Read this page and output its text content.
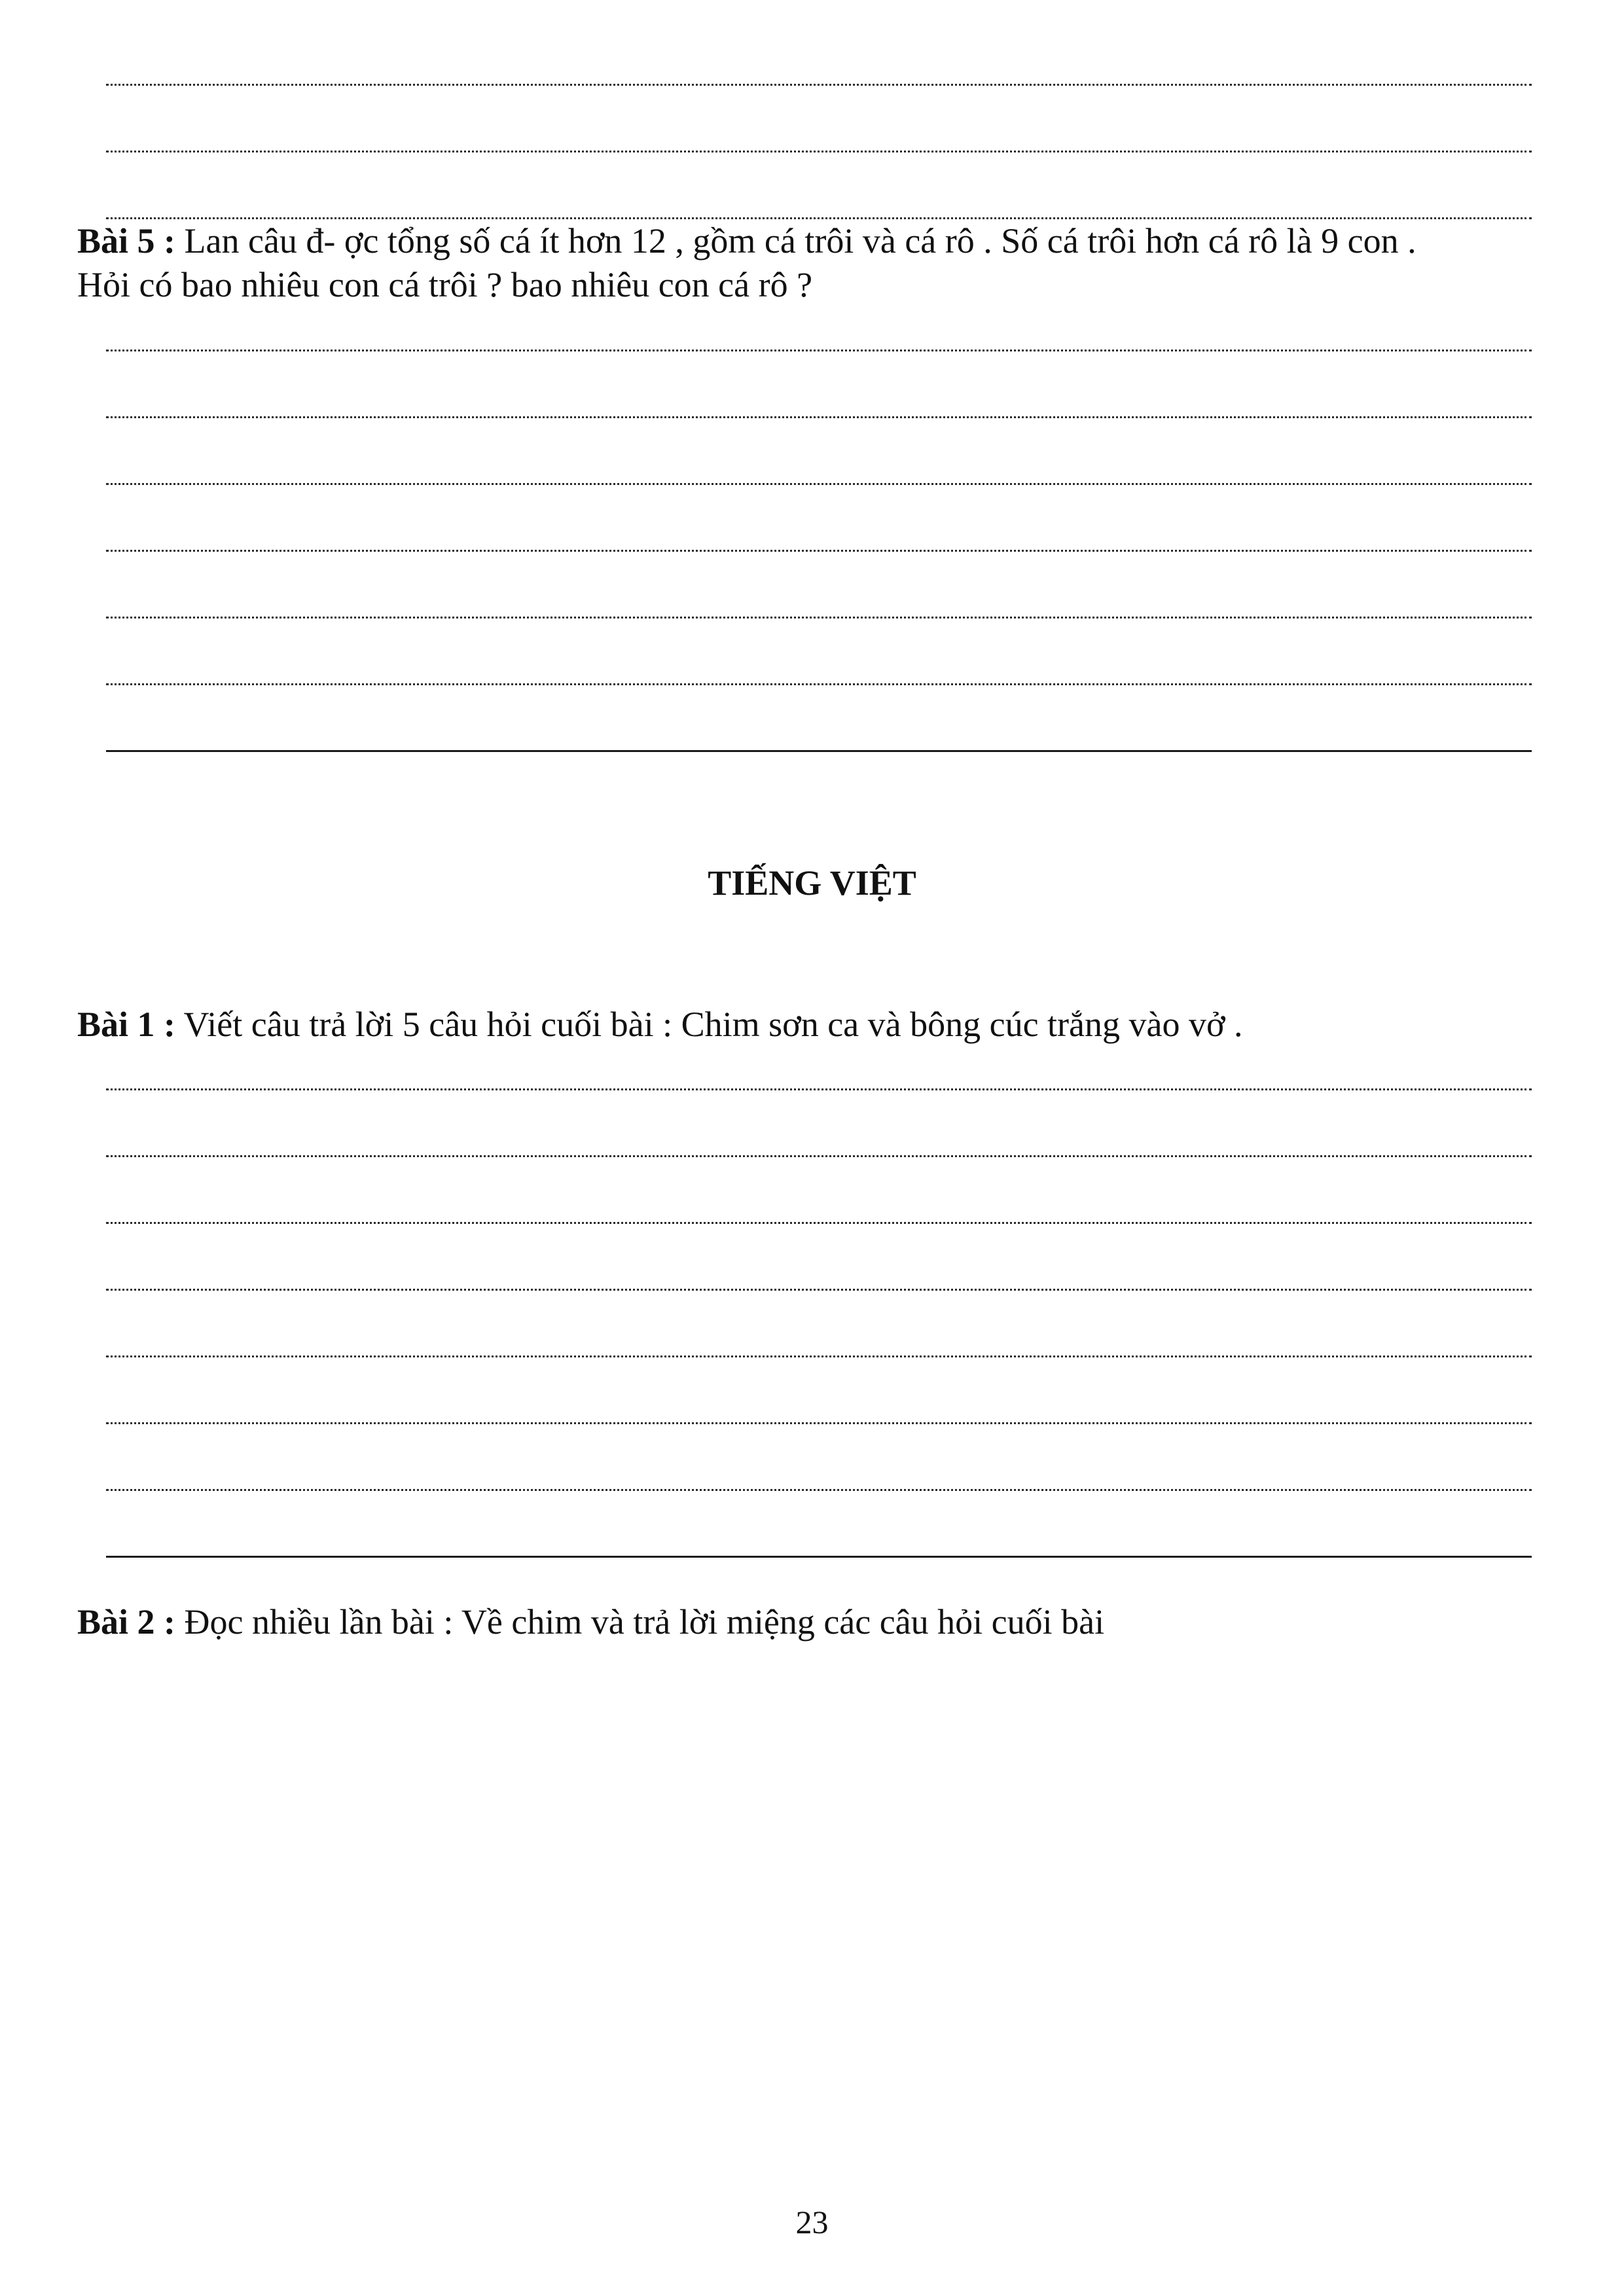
Bài 5 : Lan câu đ- ợc tổng số cá ít hơn 12 , gồm cá trôi và cá rô . Số cá trôi hơn cá rô là 9 con .
Hỏi có bao nhiêu con cá trôi ? bao nhiêu con cá rô ?
TIẾNG VIỆT
Bài 1 : Viết câu trả lời 5 câu hỏi cuối bài : Chim sơn ca và bông cúc trắng vào vở .
Bài 2 : Đọc nhiều lần bài : Về chim và trả lời miệng các câu hỏi cuối bài
23
